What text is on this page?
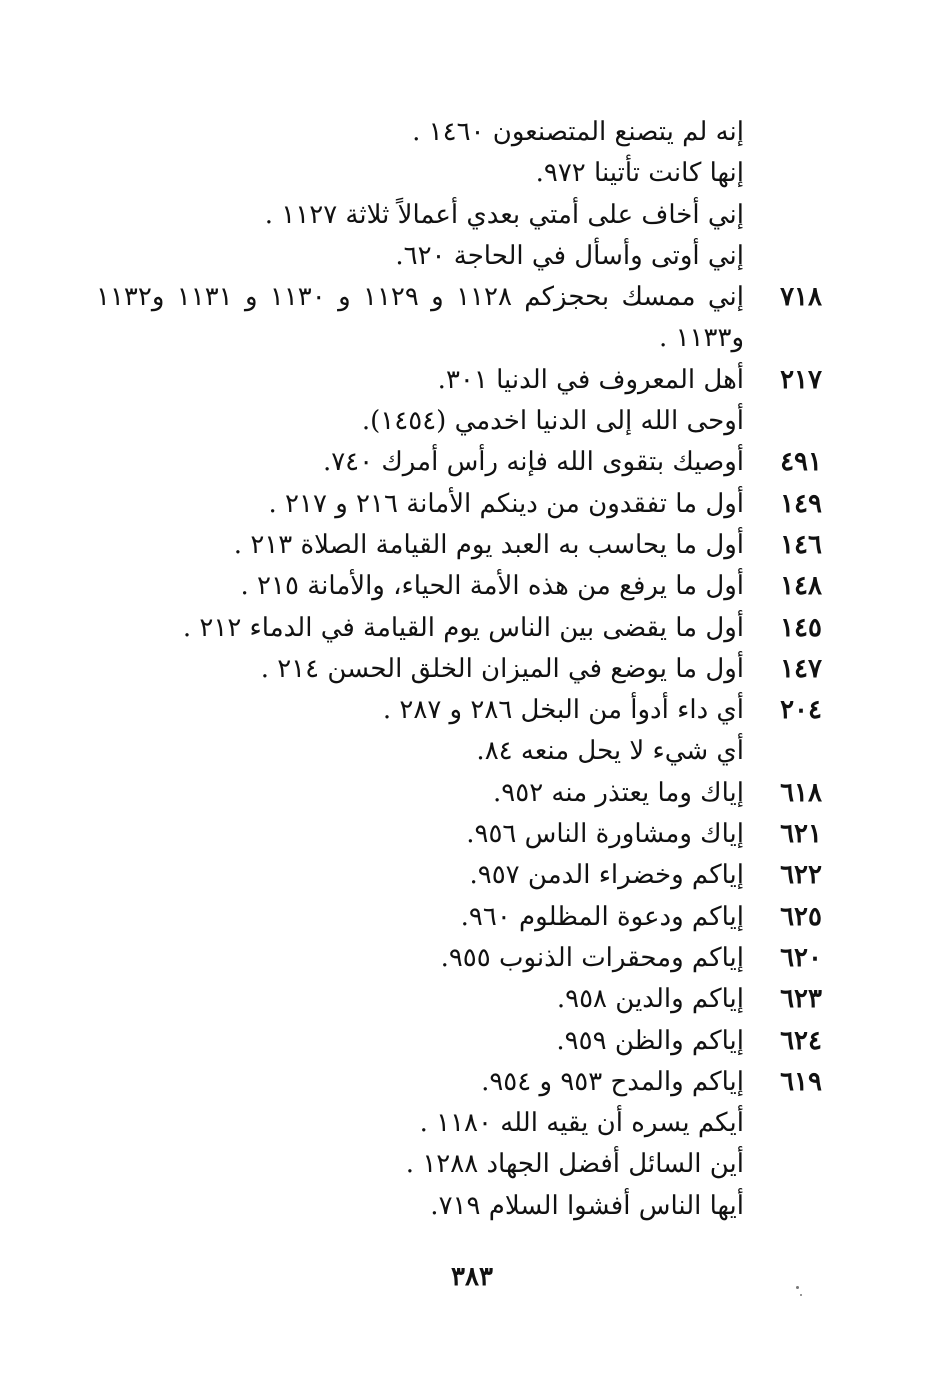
إنه لم يتصنع المتصنعون ١٤٦٠ .
إنها كانت تأتينا ٩٧٢.
إني أخاف على أمتي بعدي أعمالاً ثلاثة ١١٢٧ .
إني أوتى وأسأل في الحاجة ٦٢٠.
٧١٨
إني ممسك بحجزكم ١١٢٨ و ١١٢٩ و ١١٣٠ و ١١٣١ و١١٣٢ و١١٣٣ .
٢١٧
أهل المعروف في الدنيا ٣٠١.
أوحى الله إلى الدنيا اخدمي (١٤٥٤).
٤٩١
أوصيك بتقوى الله فإنه رأس أمرك ٧٤٠.
١٤٩
أول ما تفقدون من دينكم الأمانة ٢١٦ و ٢١٧ .
١٤٦
أول ما يحاسب به العبد يوم القيامة الصلاة ٢١٣ .
١٤٨
أول ما يرفع من هذه الأمة الحياء، والأمانة ٢١٥ .
١٤٥
أول ما يقضى بين الناس يوم القيامة في الدماء ٢١٢ .
١٤٧
أول ما يوضع في الميزان الخلق الحسن ٢١٤ .
٢٠٤
أي داء أدوأ من البخل ٢٨٦ و ٢٨٧ .
أي شيء لا يحل منعه ٨٤.
٦١٨
إياك وما يعتذر منه ٩٥٢.
٦٢١
إياك ومشاورة الناس ٩٥٦.
٦٢٢
إياكم وخضراء الدمن ٩٥٧.
٦٢٥
إياكم ودعوة المظلوم ٩٦٠.
٦٢٠
إياكم ومحقرات الذنوب ٩٥٥.
٦٢٣
إياكم والدين ٩٥٨.
٦٢٤
إياكم والظن ٩٥٩.
٦١٩
إياكم والمدح ٩٥٣ و ٩٥٤.
أيكم يسره أن يقيه الله ١١٨٠ .
أين السائل أفضل الجهاد ١٢٨٨ .
أيها الناس أفشوا السلام ٧١٩.
٣٨٣
